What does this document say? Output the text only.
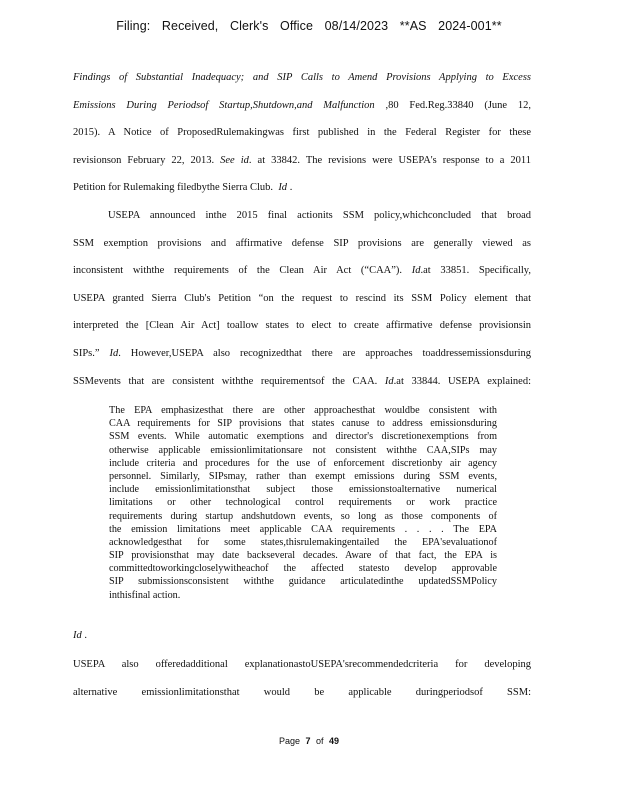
Filing: Received, Clerk's Office 08/14/2023 **AS 2024-001**
Findings of Substantial Inadequacy; and SIP Calls to Amend Provisions Applying to Excess
Emissions During Periodsof Startup,Shutdown,and Malfunction ,80 Fed.Reg.33840 (June 12,
2015). A Notice of ProposedRulemakingwas first published in the Federal Register for these
revisionson February 22, 2013. See id. at 33842. The revisions were USEPA's response to a 2011
Petition for Rulemaking filedbythe Sierra Club. Id .
USEPA announced inthe 2015 final actionits SSM policy,whichconcluded that broad
SSM exemption provisions and affirmative defense SIP provisions are generally viewed as
inconsistent withthe requirements of the Clean Air Act (“CAA”). Id.at 33851. Specifically,
USEPA granted Sierra Club's Petition “on the request to rescind its SSM Policy element that
interpreted the [Clean Air Act] toallow states to elect to create affirmative defense provisionsin
SIPs.” Id. However,USEPA also recognizedthat there are approaches toaddressemissionsduring
SSMevents that are consistent withthe requirementsof the CAA. Id.at 33844. USEPA explained:
The EPA emphasizesthat there are other approachesthat wouldbe consistent with
CAA requirements for SIP provisions that states canuse to address emissionsduring
SSM events. While automatic exemptions and director's discretionexemptions from
otherwise applicable emissionlimitationsare not consistent withthe CAA,SIPs may
include criteria and procedures for the use of enforcement discretionby air agency
personnel. Similarly, SIPsmay, rather than exempt emissions during SSM events,
include emissionlimitationsthat subject those emissionstoalternative numerical
limitations or other technological control requirements or work practice
requirements during startup andshutdown events, so long as those components of
the emission limitations meet applicable CAA requirements . . . . The EPA
acknowledgesthat for some states,thisrulemakingentailed the EPA'sevaluationof
SIP provisionsthat may date backseveral decades. Aware of that fact, the EPA is
committedtoworkingcloselywitheachof the affected statesto develop approvable
SIP submissionsconsistent withthe guidance articulatedinthe updatedSSMPolicy
inthisfinal action.
Id .
USEPA also offeredadditional explanationastoUSEPA'srecommendedcriteria for developing
alternative emissionlimitationsthat would be applicable duringperiodsof SSM:
Page 7 of 49
